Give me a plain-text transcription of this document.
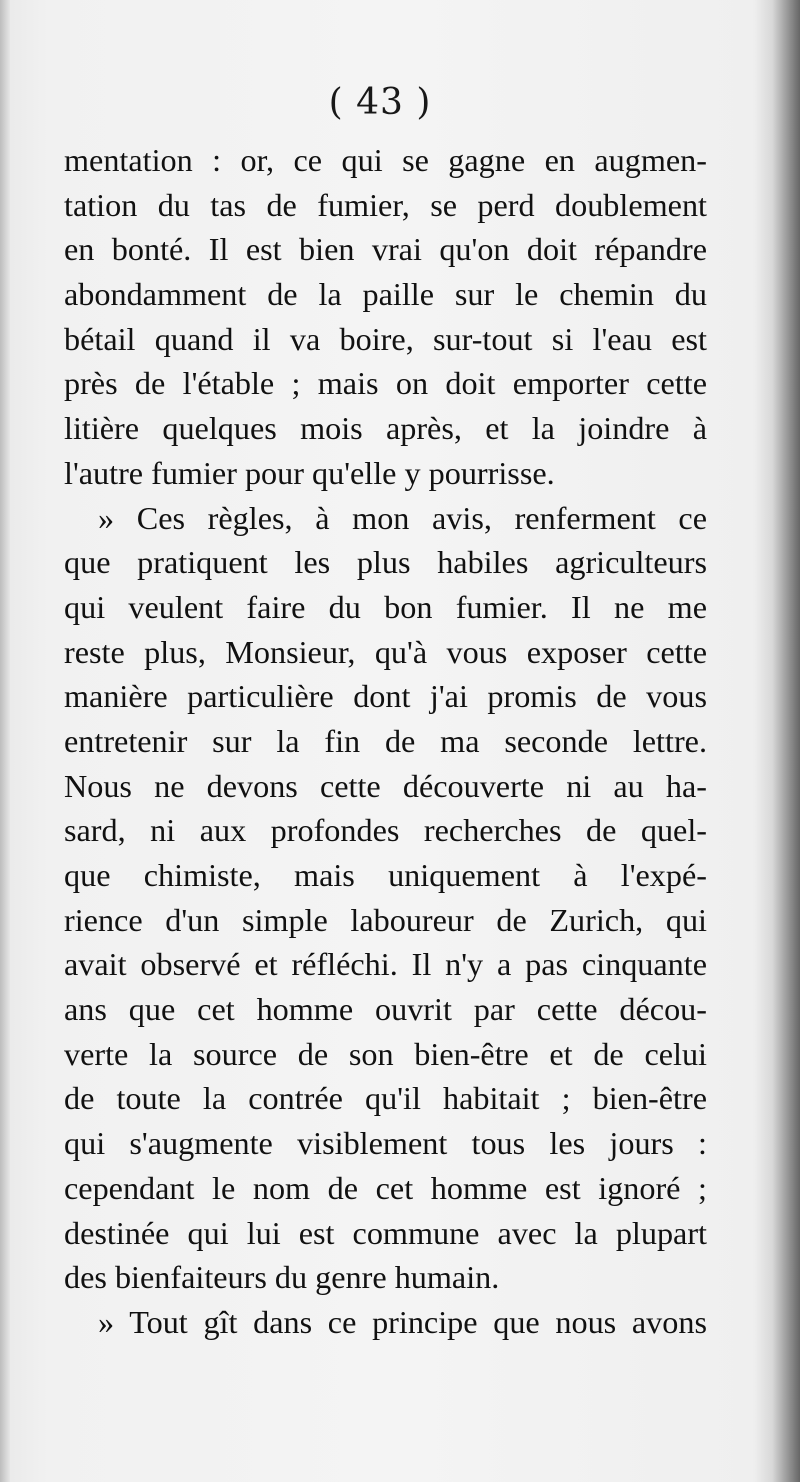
( 43 )
mentation : or, ce qui se gagne en augmen-
tation du tas de fumier, se perd doublement
en bonté. Il est bien vrai qu'on doit répandre
abondamment de la paille sur le chemin du
bétail quand il va boire, sur-tout si l'eau est
près de l'étable ; mais on doit emporter cette
litière quelques mois après, et la joindre à
l'autre fumier pour qu'elle y pourrisse.
» Ces règles, à mon avis, renferment ce
que pratiquent les plus habiles agriculteurs
qui veulent faire du bon fumier. Il ne me
reste plus, Monsieur, qu'à vous exposer cette
manière particulière dont j'ai promis de vous
entretenir sur la fin de ma seconde lettre.
Nous ne devons cette découverte ni au ha-
sard, ni aux profondes recherches de quel-
que chimiste, mais uniquement à l'expé-
rience d'un simple laboureur de Zurich, qui
avait observé et réfléchi. Il n'y a pas cinquante
ans que cet homme ouvrit par cette décou-
verte la source de son bien-être et de celui
de toute la contrée qu'il habitait ; bien-être
qui s'augmente visiblement tous les jours :
cependant le nom de cet homme est ignoré ;
destinée qui lui est commune avec la plupart
des bienfaiteurs du genre humain.
» Tout gît dans ce principe que nous avons
